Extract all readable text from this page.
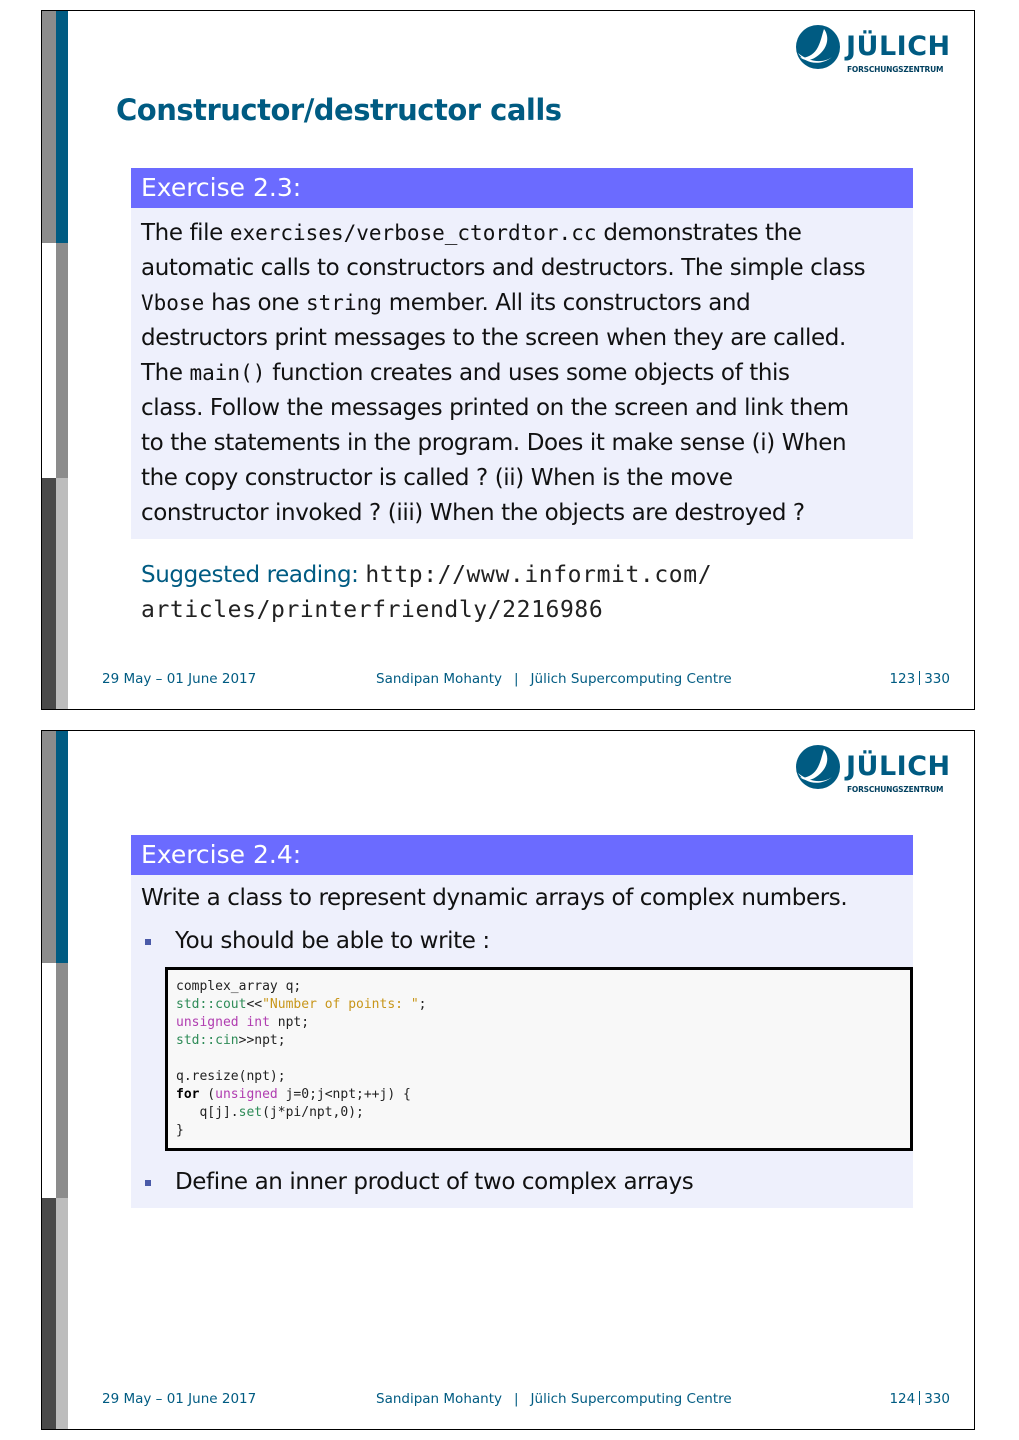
JÜLICH
FORSCHUNGSZENTRUM
Constructor/destructor calls
Exercise 2.3:
The file exercises/verbose_ctordtor.cc demonstrates the
automatic calls to constructors and destructors. The simple class
Vbose has one string member. All its constructors and
destructors print messages to the screen when they are called.
The main() function creates and uses some objects of this
class. Follow the messages printed on the screen and link them
to the statements in the program. Does it make sense (i) When
the copy constructor is called ? (ii) When is the move
constructor invoked ? (iii) When the objects are destroyed ?
Suggested reading: http://www.informit.com/
articles/printerfriendly/2216986
29 May – 01 June 2017	Sandipan Mohanty | Jülich Supercomputing Centre	123 330
JÜLICH
FORSCHUNGSZENTRUM
Exercise 2.4:
Write a class to represent dynamic arrays of complex numbers.
You should be able to write :
complex_array q;
std::cout<<"Number of points: ";
unsigned int npt;
std::cin>>npt;
q.resize(npt);
for (unsigned j=0;j<npt;++j) {
q[j].set(j*pi/npt,0);
}
Define an inner product of two complex arrays
29 May – 01 June 2017	Sandipan Mohanty | Jülich Supercomputing Centre	124 330
